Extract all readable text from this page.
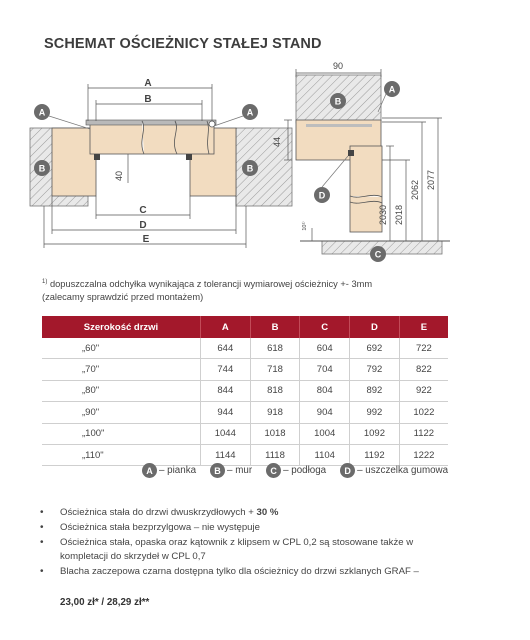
SCHEMAT OŚCIEŻNICY STAŁEJ STAND
A
B
C
D
E
40
A
B
A
B
90
44
2030 2018
2062 2077
10¹⁾
A
B
D
C
$^{1)}$ dopuszczalna odchyłka wynikająca z tolerancji wymiarowej ościeżnicy +- 3mm
(zalecamy sprawdzić przed montażem)
Szerokość drzwi	A	B	C	D	E
„60"	644	618	604	692	722
„70"	744	718	704	792	822
„80"	844	818	804	892	922
„90"	944	918	904	992	1022
„100"	1044	1018	1004	1092	1122
„110"	1144	1118	1104	1192	1222
A – pianka	B – mur	C – podłoga	D – uszczelka gumowa
•	Ościeżnica stała do drzwi dwuskrzydłowych + 30 %
•	Ościeżnica stała bezprzylgowa – nie występuje
•	Ościeżnica stała, opaska oraz kątownik z klipsem w CPL 0,2 są stosowane także w kompletacji do skrzydeł w CPL 0,7
•	Blacha zaczepowa czarna dostępna tylko dla ościeżnicy do drzwi szklanych GRAF –
23,00 zł* / 28,29 zł**
